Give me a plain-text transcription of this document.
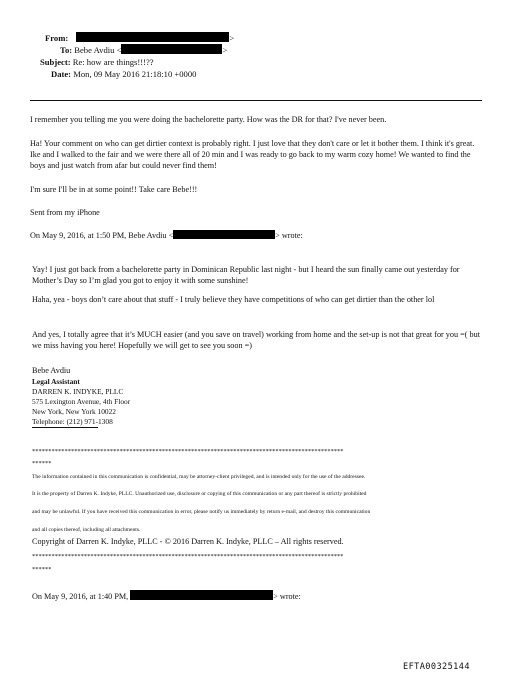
From:	>
To: Bebe Avdiu <	>
Subject: Re: how are things!!!??
Date: Mon, 09 May 2016 21:18:10 +0000
I remember you telling me you were doing the bachelorette party. How was the DR for that? I've never been.
Ha! Your comment on who can get dirtier context is probably right. I just love that they don't care or let it bother them. I think it's great. Ike and I walked to the fair and we were there all of 20 min and I was ready to go back to my warm cozy home! We wanted to find the boys and just watch from afar but could never find them!
I'm sure I'll be in at some point!! Take care Bebe!!!
Sent from my iPhone
On May 9, 2016, at 1:50 PM, Bebe Avdiu <	> wrote:
Yay! I just got back from a bachelorette party in Dominican Republic last night - but I heard the sun finally came out yesterday for Mother’s Day so I’m glad you got to enjoy it with some sunshine!
Haha, yea - boys don’t care about that stuff - I truly believe they have competitions of who can get dirtier than the other lol
And yes, I totally agree that it’s MUCH easier (and you save on travel) working from home and the set-up is not that great for you =( but we miss having you here! Hopefully we will get to see you soon =)
Bebe Avdiu
Legal Assistant
DARREN K. INDYKE, PLLC
575 Lexington Avenue, 4th Floor
New York, New York 10022
Telephone: (212) 971-1308
************************************************************************************************
******
The information contained in this communication is confidential, may be attorney-client privileged, and is intended only for the use of the addressee.
It is the property of Darren K. Indyke, PLLC. Unauthorized use, disclosure or copying of this communication or any part thereof is strictly prohibited
and may be unlawful. If you have received this communication in error, please notify us immediately by return e-mail, and destroy this communication
and all copies thereof, including all attachments.
Copyright of Darren K. Indyke, PLLC - © 2016 Darren K. Indyke, PLLC – All rights reserved.
************************************************************************************************
******
On May 9, 2016, at 1:40 PM,	> wrote:
EFTA00325144
